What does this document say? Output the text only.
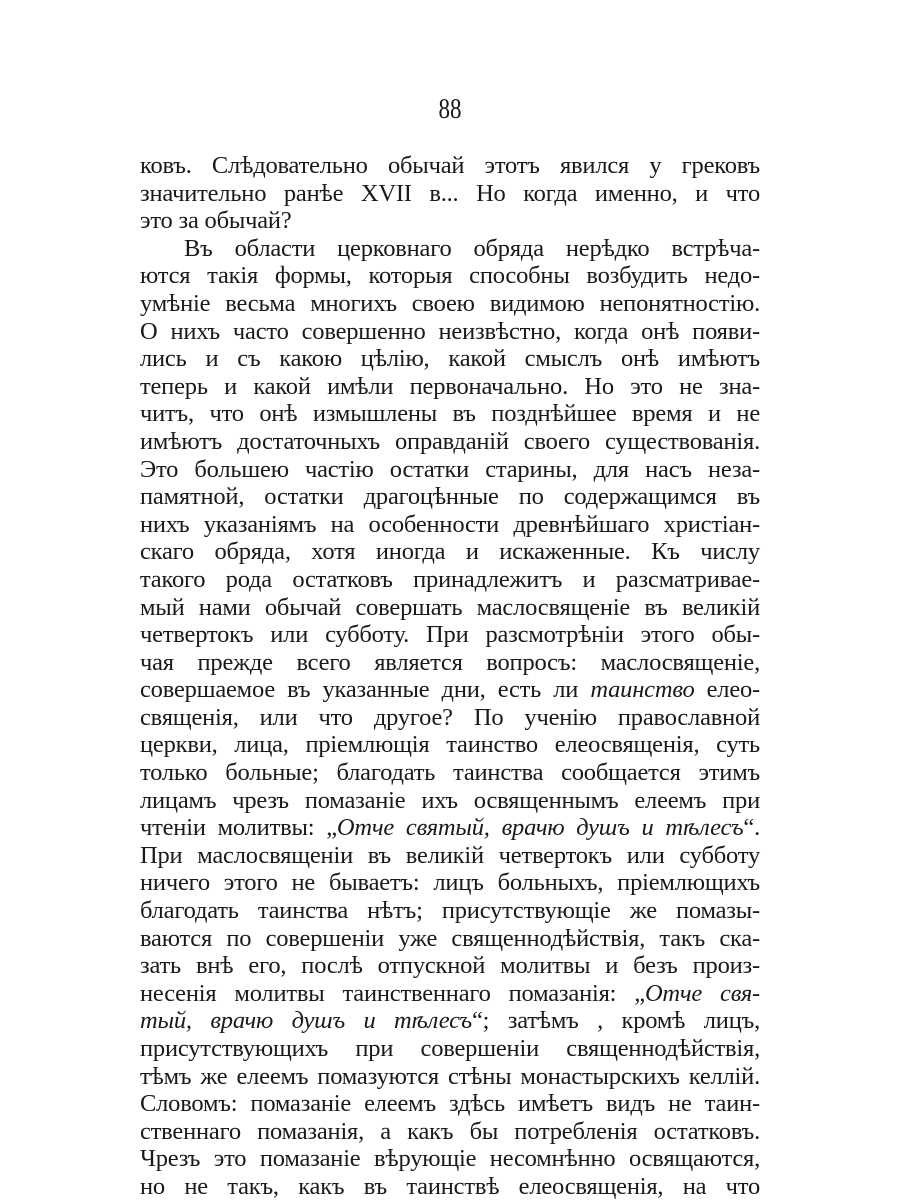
88
ковъ. Слѣдовательно обычай этотъ явился у грековъ
значительно ранѣе XVII в... Но когда именно, и что
это за обычай?
Въ области церковнаго обряда нерѣдко встрѣча-
ются такія формы, которыя способны возбудить недо-
умѣніе весьма многихъ своею видимою непонятностію.
О нихъ часто совершенно неизвѣстно, когда онѣ появи-
лись и съ какою цѣлію, какой смыслъ онѣ имѣютъ
теперь и какой имѣли первоначально. Но это не зна-
читъ, что онѣ измышлены въ позднѣйшее время и не
имѣютъ достаточныхъ оправданій своего существованія.
Это большею частію остатки старины, для насъ неза-
памятной, остатки драгоцѣнные по содержащимся въ
нихъ указаніямъ на особенности древнѣйшаго христіан-
скаго обряда, хотя иногда и искаженные. Къ числу
такого рода остатковъ принадлежитъ и разсматривае-
мый нами обычай совершать маслосвященіе въ великій
четвертокъ или субботу. При разсмотрѣніи этого обы-
чая прежде всего является вопросъ: маслосвященіе,
совершаемое въ указанные дни, есть ли таинство елео-
священія, или что другое? По ученію православной
церкви, лица, пріемлющія таинство елеосвященія, суть
только больные; благодать таинства сообщается этимъ
лицамъ чрезъ помазаніе ихъ освященнымъ елеемъ при
чтеніи молитвы: „Отче святый, врачю душъ и тѣлесъ“.
При маслосвященіи въ великій четвертокъ или субботу
ничего этого не бываетъ: лицъ больныхъ, пріемлющихъ
благодать таинства нѣтъ; присутствующіе же помазы-
ваются по совершеніи уже священнодѣйствія, такъ ска-
зать внѣ его, послѣ отпускной молитвы и безъ произ-
несенія молитвы таинственнаго помазанія: „Отче свя-
тый, врачю душъ и тѣлесъ“; затѣмъ , кромѣ лицъ,
присутствующихъ при совершеніи священнодѣйствія,
тѣмъ же елеемъ помазуются стѣны монастырскихъ келлій.
Словомъ: помазаніе елеемъ здѣсь имѣетъ видъ не таин-
ственнаго помазанія, а какъ бы потребленія остатковъ.
Чрезъ это помазаніе вѣрующіе несомнѣнно освящаются,
но не такъ, какъ въ таинствѣ елеосвященія, на что
